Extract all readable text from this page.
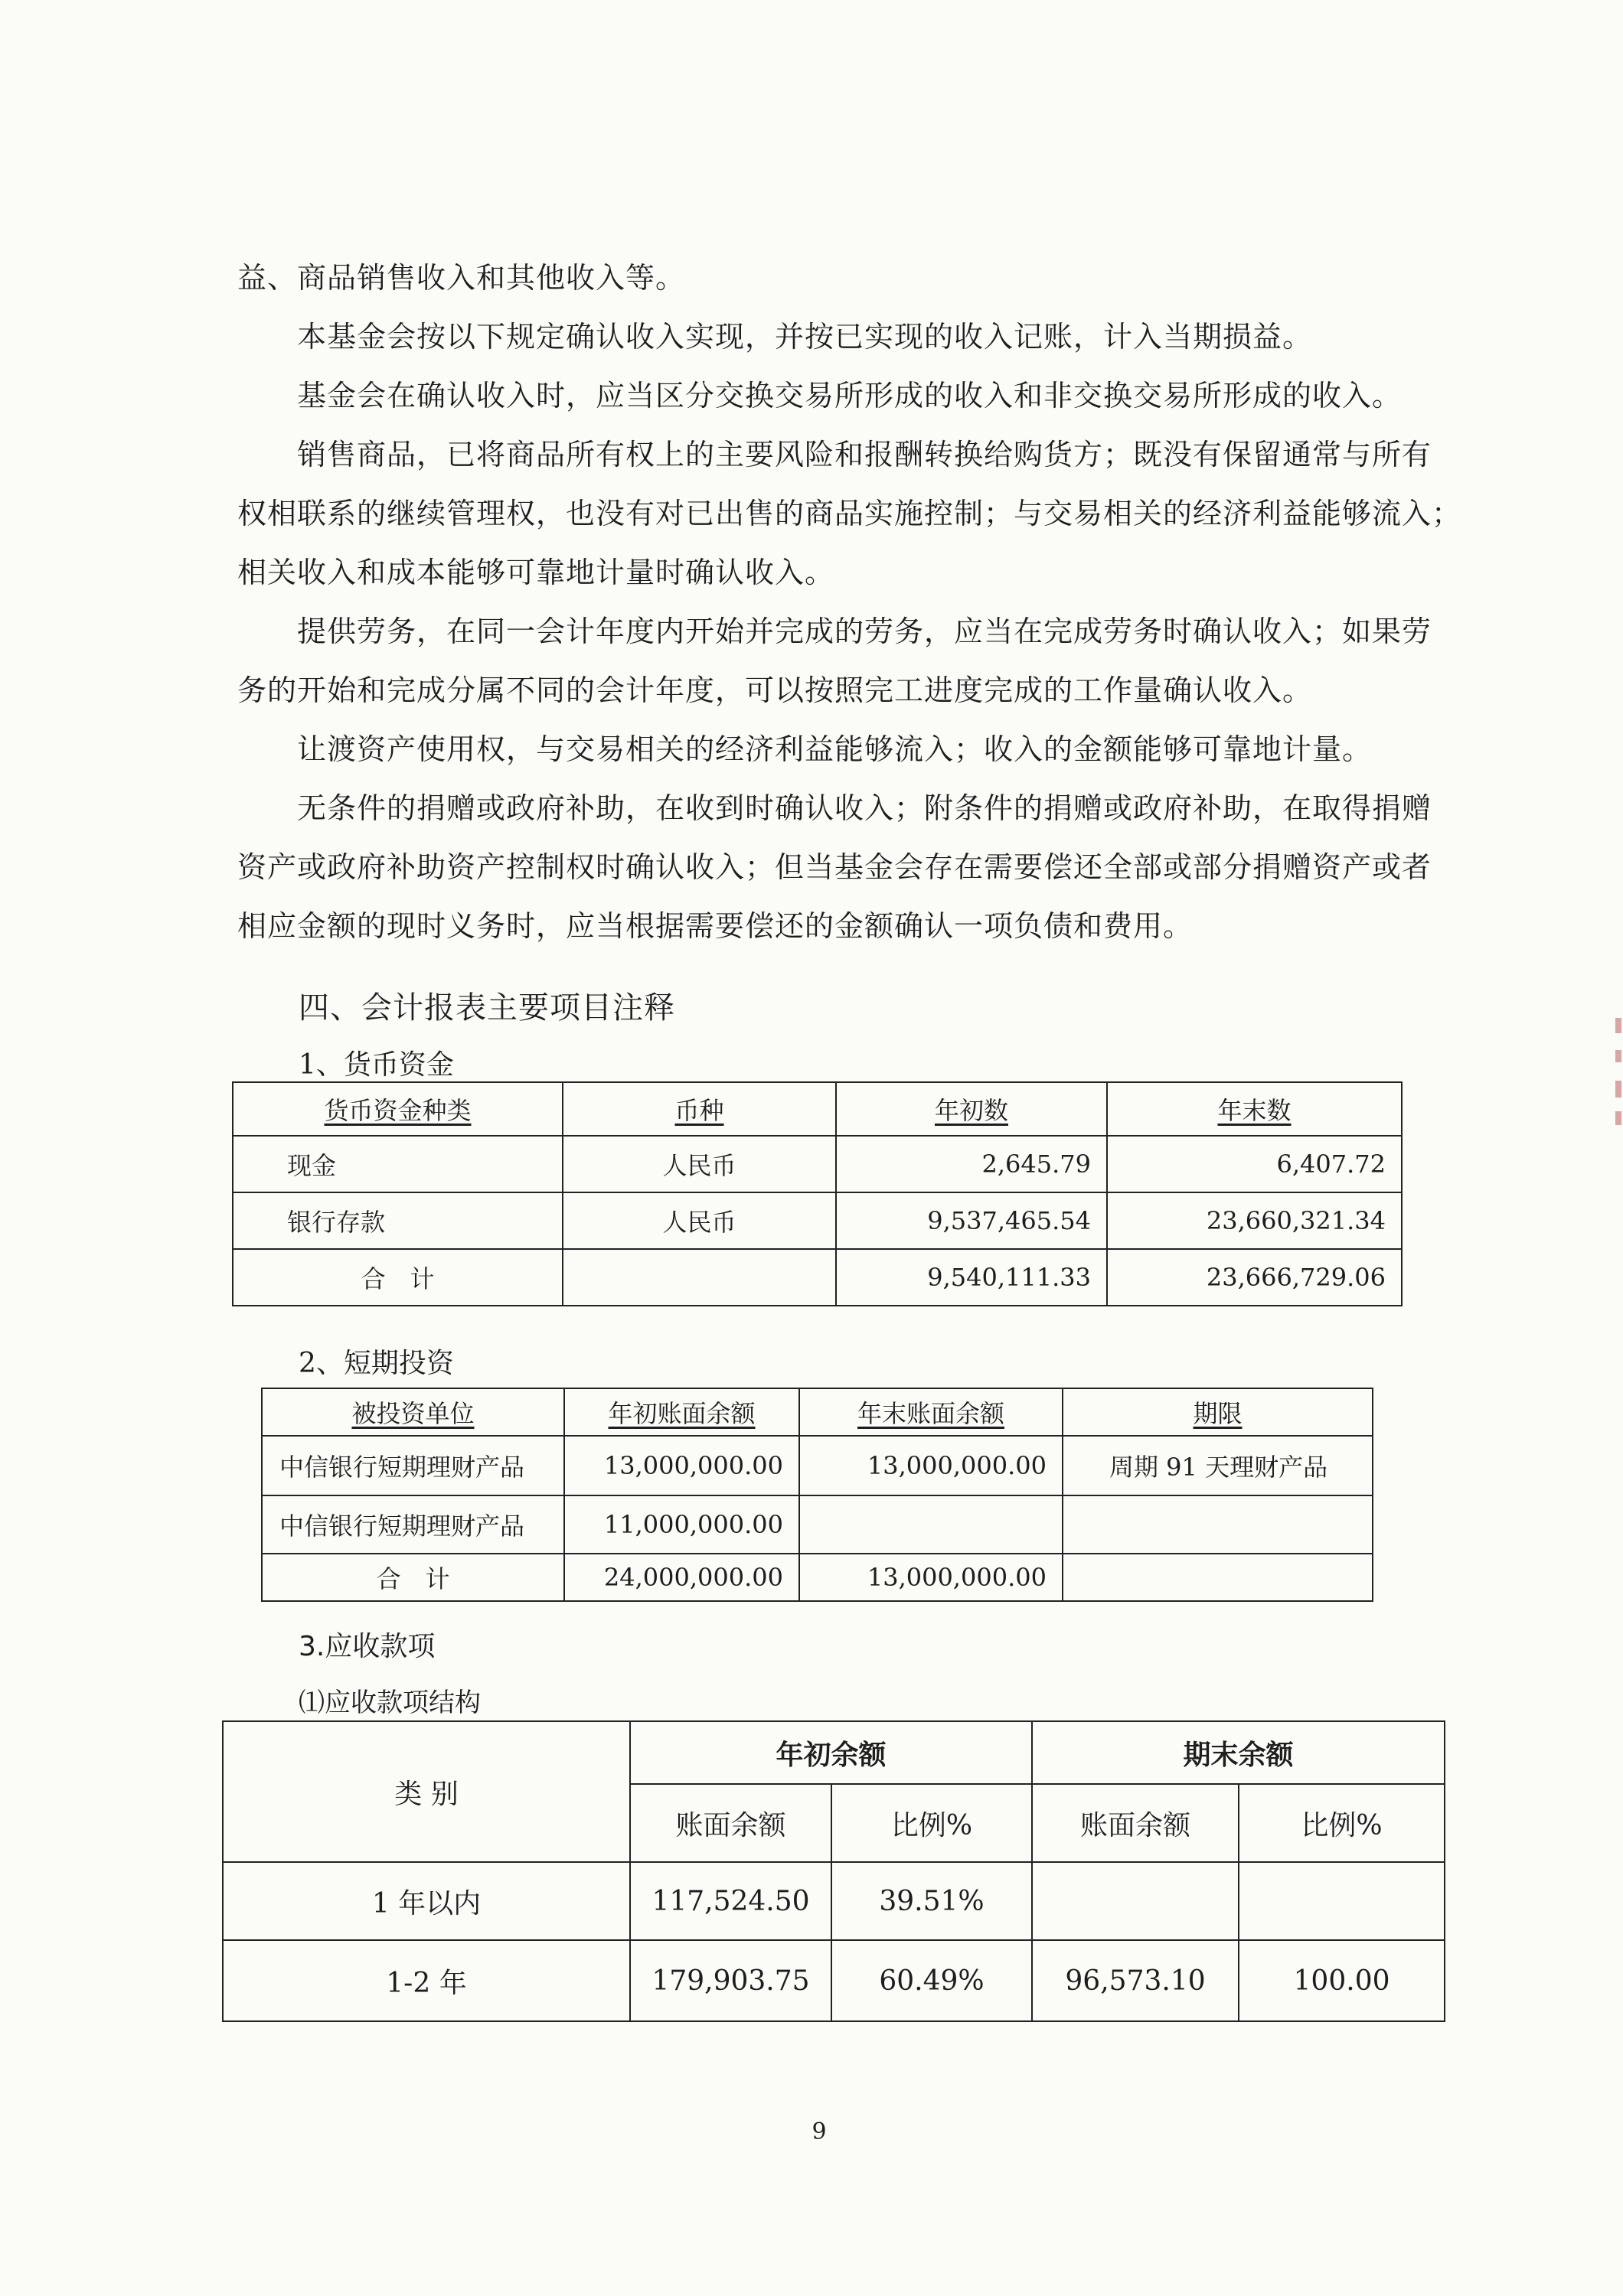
益、商品销售收入和其他收入等。
本基金会按以下规定确认收入实现，并按已实现的收入记账，计入当期损益。
基金会在确认收入时，应当区分交换交易所形成的收入和非交换交易所形成的收入。
销售商品，已将商品所有权上的主要风险和报酬转换给购货方；既没有保留通常与所有
权相联系的继续管理权，也没有对已出售的商品实施控制；与交易相关的经济利益能够流入；
相关收入和成本能够可靠地计量时确认收入。
提供劳务，在同一会计年度内开始并完成的劳务，应当在完成劳务时确认收入；如果劳
务的开始和完成分属不同的会计年度，可以按照完工进度完成的工作量确认收入。
让渡资产使用权，与交易相关的经济利益能够流入；收入的金额能够可靠地计量。
无条件的捐赠或政府补助，在收到时确认收入；附条件的捐赠或政府补助，在取得捐赠
资产或政府补助资产控制权时确认收入；但当基金会存在需要偿还全部或部分捐赠资产或者
相应金额的现时义务时，应当根据需要偿还的金额确认一项负债和费用。
四、会计报表主要项目注释
1、货币资金
货币资金种类	币种	年初数	年末数
现金	人民币	2,645.79	6,407.72
银行存款	人民币	9,537,465.54	23,660,321.34
合　计		9,540,111.33	23,666,729.06
2、短期投资
被投资单位	年初账面余额	年末账面余额	期限
中信银行短期理财产品	13,000,000.00	13,000,000.00	周期 91 天理财产品
中信银行短期理财产品	11,000,000.00		
合　计	24,000,000.00	13,000,000.00	
3.应收款项
⑴应收款项结构
类 别	年初余额		期末余额	
	账面余额	比例%	账面余额	比例%
1 年以内	117,524.50	39.51%		
1-2 年	179,903.75	60.49%	96,573.10	100.00
9
